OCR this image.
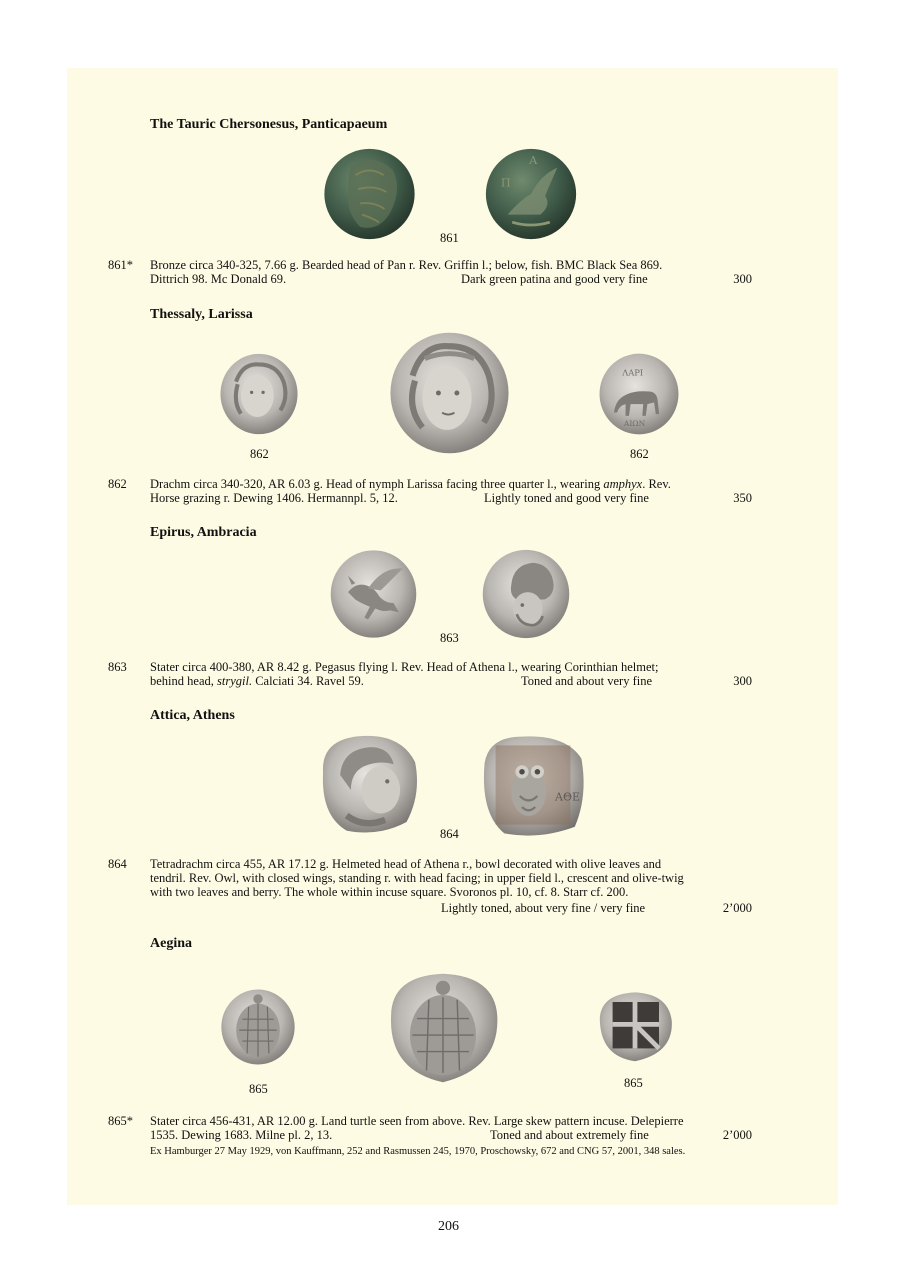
The Tauric Chersonesus, Panticapaeum
Π
Α
861
861* Bronze circa 340-325, 7.66 g. Bearded head of Pan r. Rev. Griffin l.; below, fish. BMC Black Sea 869.
Dittrich 98. Mc Donald 69.	Dark green patina and good very fine	300
Thessaly, Larissa
ΛΑΡΙ
ΑΙΩΝ
862	862
862 Drachm circa 340-320, AR 6.03 g. Head of nymph Larissa facing three quarter l., wearing amphyx. Rev.
Horse grazing r. Dewing 1406. Hermannpl. 5, 12.	Lightly toned and good very fine	350
Epirus, Ambracia
863
863 Stater circa 400-380, AR 8.42 g. Pegasus flying l. Rev. Head of Athena l., wearing Corinthian helmet;
behind head, strygil. Calciati 34. Ravel 59.	Toned and about very fine	300
Attica, Athens
ΑΘΕ
864
864 Tetradrachm circa 455, AR 17.12 g. Helmeted head of Athena r., bowl decorated with olive leaves and
tendril. Rev. Owl, with closed wings, standing r. with head facing; in upper field l., crescent and olive-twig
with two leaves and berry. The whole within incuse square. Svoronos pl. 10, cf. 8. Starr cf. 200.
Lightly toned, about very fine / very fine	2’000
Aegina
865	865
865* Stater circa 456-431, AR 12.00 g. Land turtle seen from above. Rev. Large skew pattern incuse. Delepierre
1535. Dewing 1683. Milne pl. 2, 13.	Toned and about extremely fine	2’000
Ex Hamburger 27 May 1929, von Kauffmann, 252 and Rasmussen 245, 1970, Proschowsky, 672 and CNG 57, 2001, 348 sales.
206
